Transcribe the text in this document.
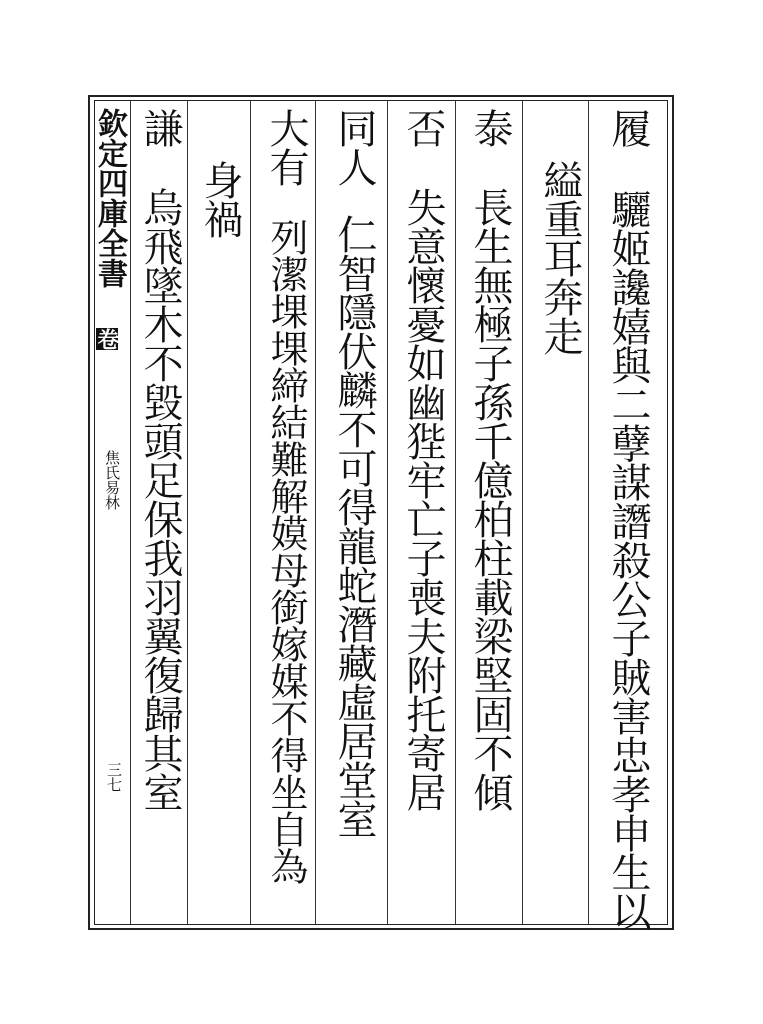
欽定四庫全書
卷
焦氏易林
三七
履
驪姬讒嬉與二孽謀譖殺公子賊害忠孝申生以
縊重耳奔走
泰
長生無極子孫千億柏柱載梁堅固不傾
否
失意懷憂如幽狴牢亡子喪夫附托寄居
同人
仁智隱伏麟不可得龍蛇潛藏虛居堂室
大有
列潔堁堁締結難解嫫母銜嫁媒不得坐自為
身禍
謙
烏飛墜木不毀頭足保我羽翼復歸其室
